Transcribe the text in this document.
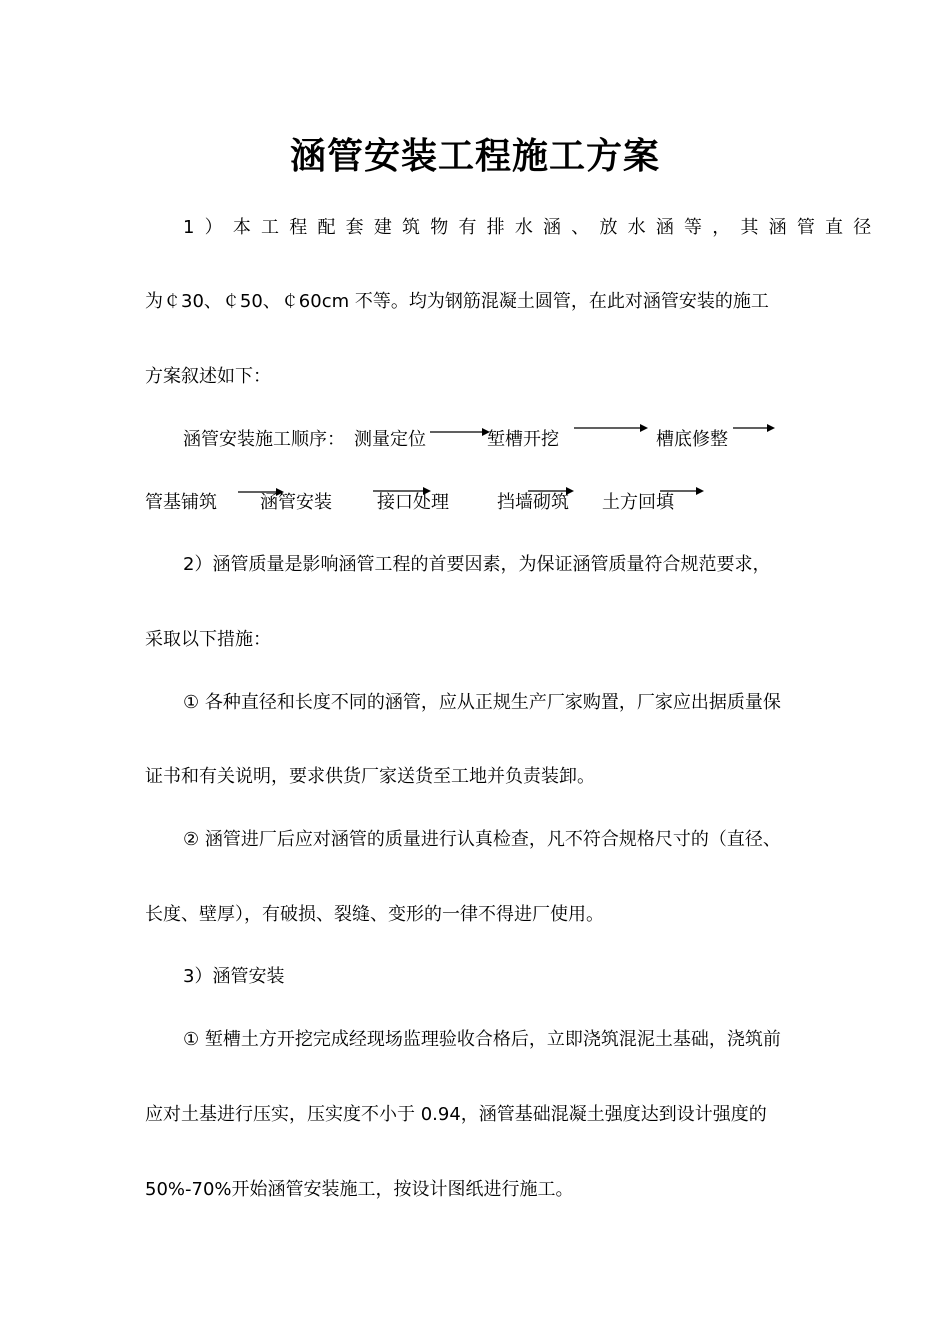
涵管安装工程施工方案
1）本工程配套建筑物有排水涵、放水涵等，其涵管直径
为￠30、￠50、￠60cm 不等。均为钢筋混凝土圆管，在此对涵管安装的施工
方案叙述如下：
涵管安装施工顺序： 测量定位	堑槽开挖	槽底修整
管基铺筑 涵管安装	接口处理	挡墙砌筑 土方回填
2）涵管质量是影响涵管工程的首要因素，为保证涵管质量符合规范要求，
采取以下措施：
① 各种直径和长度不同的涵管，应从正规生产厂家购置，厂家应出据质量保
证书和有关说明，要求供货厂家送货至工地并负责装卸。
② 涵管进厂后应对涵管的质量进行认真检查，凡不符合规格尺寸的（直径、
长度、壁厚），有破损、裂缝、变形的一律不得进厂使用。
3）涵管安装
① 堑槽土方开挖完成经现场监理验收合格后，立即浇筑混泥土基础，浇筑前
应对土基进行压实，压实度不小于 0.94，涵管基础混凝土强度达到设计强度的
50%-70%开始涵管安装施工，按设计图纸进行施工。
